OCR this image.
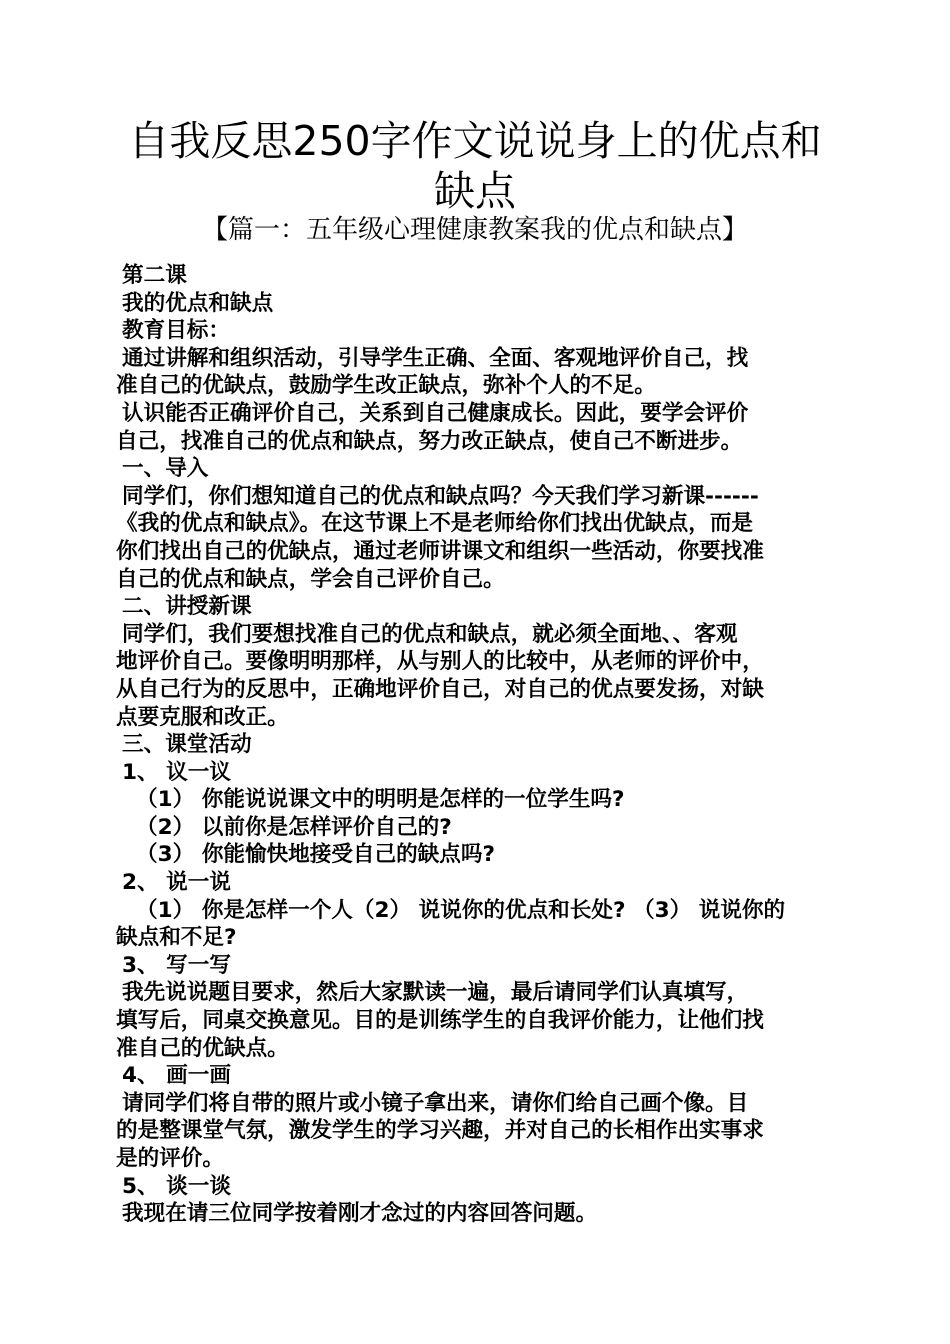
自我反思250字作文说说身上的优点和
缺点
【篇一：五年级心理健康教案我的优点和缺点】
第二课
我的优点和缺点
教育目标：
通过讲解和组织活动，引导学生正确、全面、客观地评价自己，找
准自己的优缺点，鼓励学生改正缺点，弥补个人的不足。
认识能否正确评价自己，关系到自己健康成长。因此，要学会评价
自己，找准自己的优点和缺点，努力改正缺点，使自己不断进步。
一、导入
同学们，你们想知道自己的优点和缺点吗？今天我们学习新课------
《我的优点和缺点》。在这节课上不是老师给你们找出优缺点，而是
你们找出自己的优缺点，通过老师讲课文和组织一些活动，你要找准
自己的优点和缺点，学会自己评价自己。
二、讲授新课
同学们，我们要想找准自己的优点和缺点，就必须全面地、、客观
地评价自己。要像明明那样，从与别人的比较中，从老师的评价中，
从自己行为的反思中，正确地评价自己，对自己的优点要发扬，对缺
点要克服和改正。
三、课堂活动
1、 议一议
（1） 你能说说课文中的明明是怎样的一位学生吗?
（2） 以前你是怎样评价自己的?
（3） 你能愉快地接受自己的缺点吗?
2、 说一说
（1） 你是怎样一个人（2） 说说你的优点和长处? （3） 说说你的
缺点和不足?
3、 写一写
我先说说题目要求，然后大家默读一遍，最后请同学们认真填写，
填写后，同桌交换意见。目的是训练学生的自我评价能力，让他们找
准自己的优缺点。
4、 画一画
请同学们将自带的照片或小镜子拿出来，请你们给自己画个像。目
的是整课堂气氛，激发学生的学习兴趣，并对自己的长相作出实事求
是的评价。
5、 谈一谈
我现在请三位同学按着刚才念过的内容回答问题。
